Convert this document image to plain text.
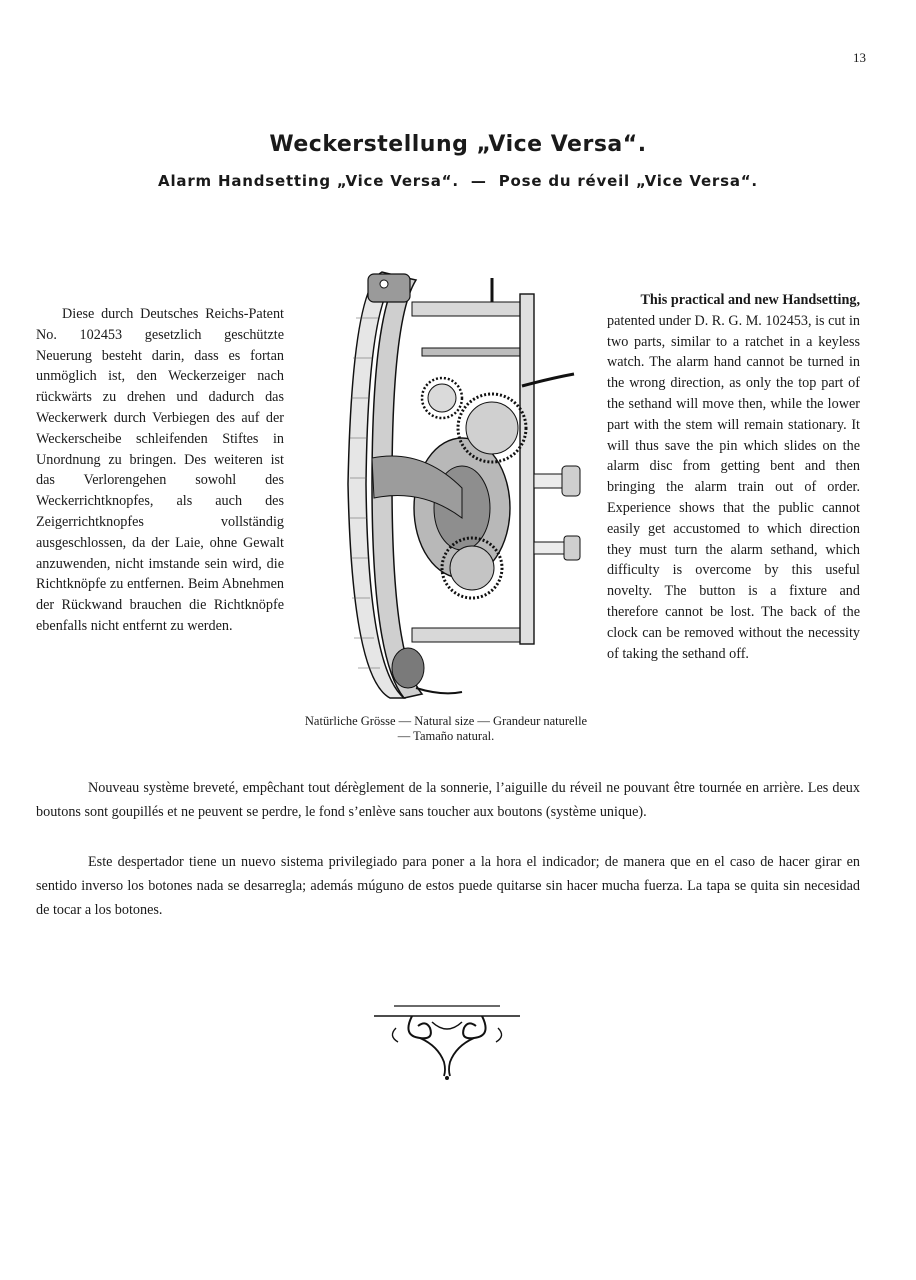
13
Weckerstellung „Vice Versa“.
Alarm Handsetting „Vice Versa“.  —  Pose du réveil „Vice Versa“.
Diese durch Deutsches Reichs-Patent No. 102453 gesetzlich geschützte Neuerung besteht darin, dass es fortan unmöglich ist, den Weckerzeiger nach rückwärts zu drehen und dadurch das Weckerwerk durch Verbiegen des auf der Weckerscheibe schleifenden Stiftes in Unordnung zu bringen. Des weiteren ist das Verlorengehen sowohl des Weckerrichtknopfes, als auch des Zeigerrichtknopfes vollständig ausgeschlossen, da der Laie, ohne Gewalt anzuwenden, nicht imstande sein wird, die Richtknöpfe zu entfernen. Beim Abnehmen der Rückwand brauchen die Richtknöpfe ebenfalls nicht entfernt zu werden.
Natürliche Grösse — Natural size — Grandeur naturelle — Tamaño natural.
This practical and new Handsetting,
patented under D. R. G. M. 102453, is cut in two parts, similar to a ratchet in a keyless watch. The alarm hand cannot be turned in the wrong direction, as only the top part of the sethand will move then, while the lower part with the stem will remain stationary. It will thus save the pin which slides on the alarm disc from getting bent and then bringing the alarm train out of order. Experience shows that the public cannot easily get accustomed to which direction they must turn the alarm sethand, which difficulty is overcome by this useful novelty. The button is a fixture and therefore cannot be lost. The back of the clock can be removed without the necessity of taking the sethand off.
Nouveau système breveté, empêchant tout dérèglement de la sonnerie, l’aiguille du réveil ne pouvant être tournée en arrière. Les deux boutons sont goupillés et ne peuvent se perdre, le fond s’enlève sans toucher aux boutons (système unique).
Este despertador tiene un nuevo sistema privilegiado para poner a la hora el indicador; de manera que en el caso de hacer girar en sentido inverso los botones nada se desarregla; además múguno de estos puede quitarse sin hacer mucha fuerza. La tapa se quita sin necesidad de tocar a los botones.
